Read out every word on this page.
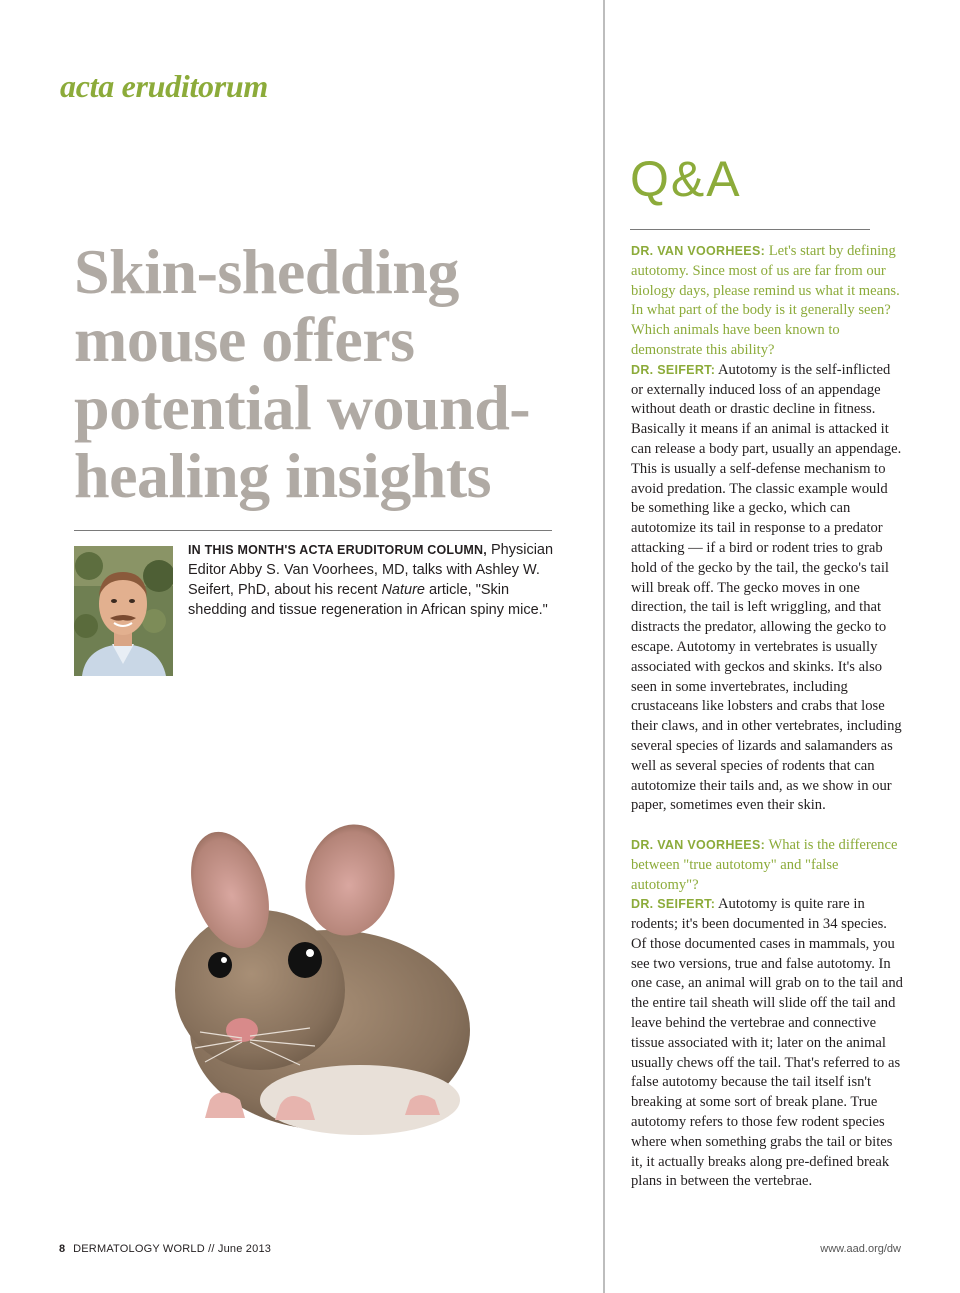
acta eruditorum
Skin-shedding
mouse offers
potential wound-
healing insights
IN THIS MONTH'S ACTA ERUDITORUM COLUMN, Physician Editor Abby S. Van Voorhees, MD, talks with Ashley W. Seifert, PhD, about his recent Nature article, "Skin shedding and tissue regeneration in African spiny mice."
Q&A

DR. VAN VOORHEES: Let's start by defining autotomy. Since most of us are far from our biology days, please remind us what it means. In what part of the body is it generally seen? Which animals have been known to demonstrate this ability?

DR. SEIFERT: Autotomy is the self-inflicted or externally induced loss of an appendage without death or drastic decline in fitness. Basically it means if an animal is attacked it can release a body part, usually an appendage. This is usually a self-defense mechanism to avoid predation. The classic example would be something like a gecko, which can autotomize its tail in response to a predator attacking — if a bird or rodent tries to grab hold of the gecko by the tail, the gecko's tail will break off. The gecko moves in one direction, the tail is left wriggling, and that distracts the predator, allowing the gecko to escape. Autotomy in vertebrates is usually associated with geckos and skinks. It's also seen in some invertebrates, including crustaceans like lobsters and crabs that lose their claws, and in other vertebrates, including several species of lizards and salamanders as well as several species of rodents that can autotomize their tails and, as we show in our paper, sometimes even their skin.

DR. VAN VOORHEES: What is the difference between "true autotomy" and "false autotomy"?

DR. SEIFERT: Autotomy is quite rare in rodents; it's been documented in 34 species. Of those documented cases in mammals, you see two versions, true and false autotomy. In one case, an animal will grab on to the tail and the entire tail sheath will slide off the tail and leave behind the vertebrae and connective tissue associated with it; later on the animal usually chews off the tail. That's referred to as false autotomy because the tail itself isn't breaking at some sort of break plane. True autotomy refers to those few rodent species where when something grabs the tail or bites it, it actually breaks along pre-defined break plans in between the vertebrae.

8 DERMATOLOGY WORLD // June 2013	www.aad.org/dw
